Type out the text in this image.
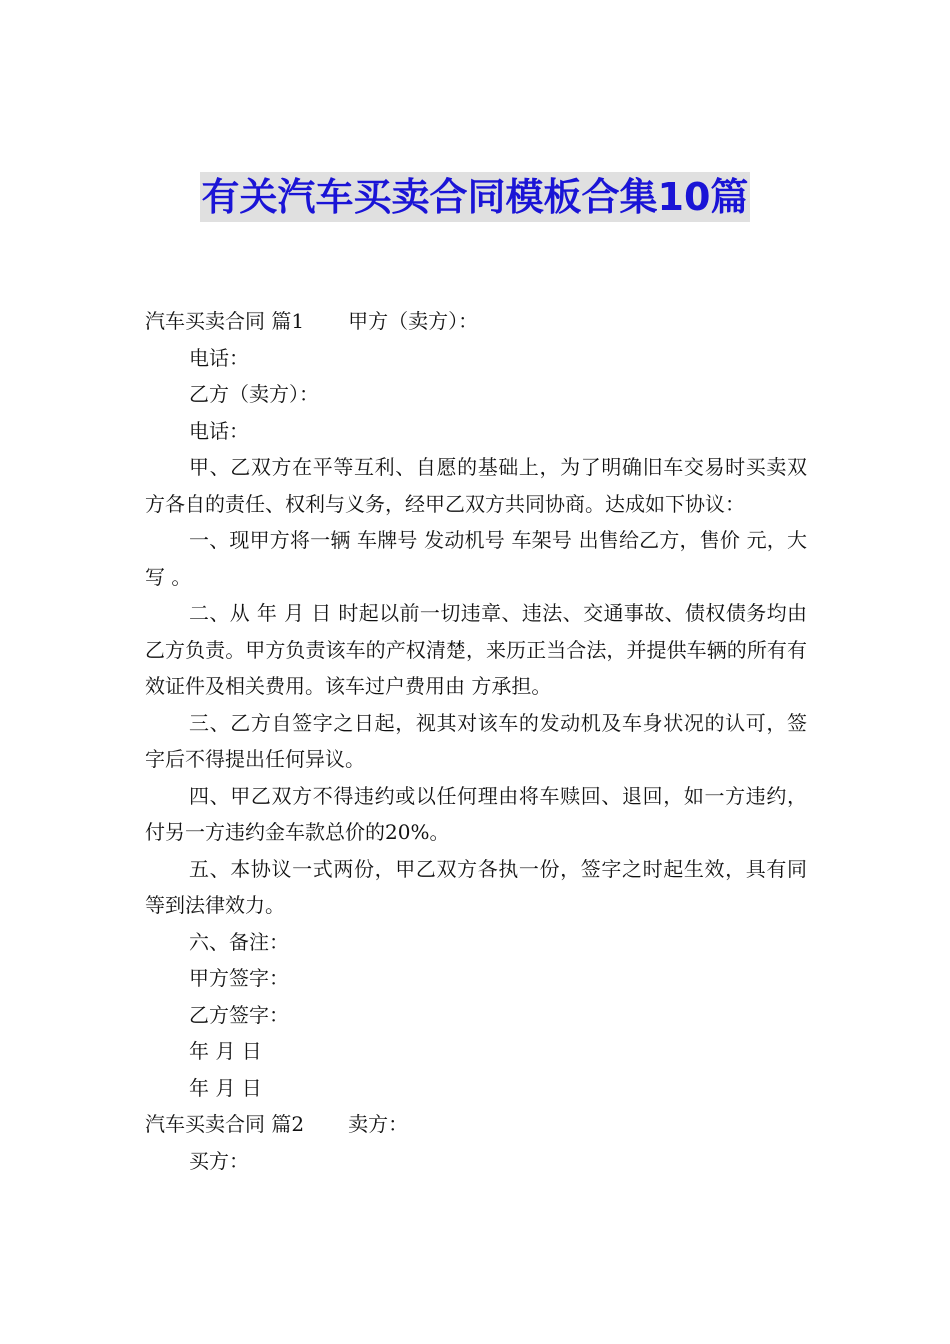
有关汽车买卖合同模板合集10篇

汽车买卖合同 篇1 甲方（卖方）：

电话：

乙方（卖方）：

电话：

甲、乙双方在平等互利、自愿的基础上，为了明确旧车交易时买卖双方各自的责任、权利与义务，经甲乙双方共同协商。达成如下协议：

一、现甲方将一辆 车牌号 发动机号 车架号 出售给乙方，售价 元，大写 。

二、从 年 月 日 时起以前一切违章、违法、交通事故、债权债务均由乙方负责。甲方负责该车的产权清楚，来历正当合法，并提供车辆的所有有效证件及相关费用。该车过户费用由 方承担。

三、乙方自签字之日起，视其对该车的发动机及车身状况的认可，签字后不得提出任何异议。

四、甲乙双方不得违约或以任何理由将车赎回、退回，如一方违约，付另一方违约金车款总价的20%。

五、本协议一式两份，甲乙双方各执一份，签字之时起生效，具有同等到法律效力。

六、备注：

甲方签字：

乙方签字：

年 月 日

年 月 日

汽车买卖合同 篇2 卖方：

买方：
